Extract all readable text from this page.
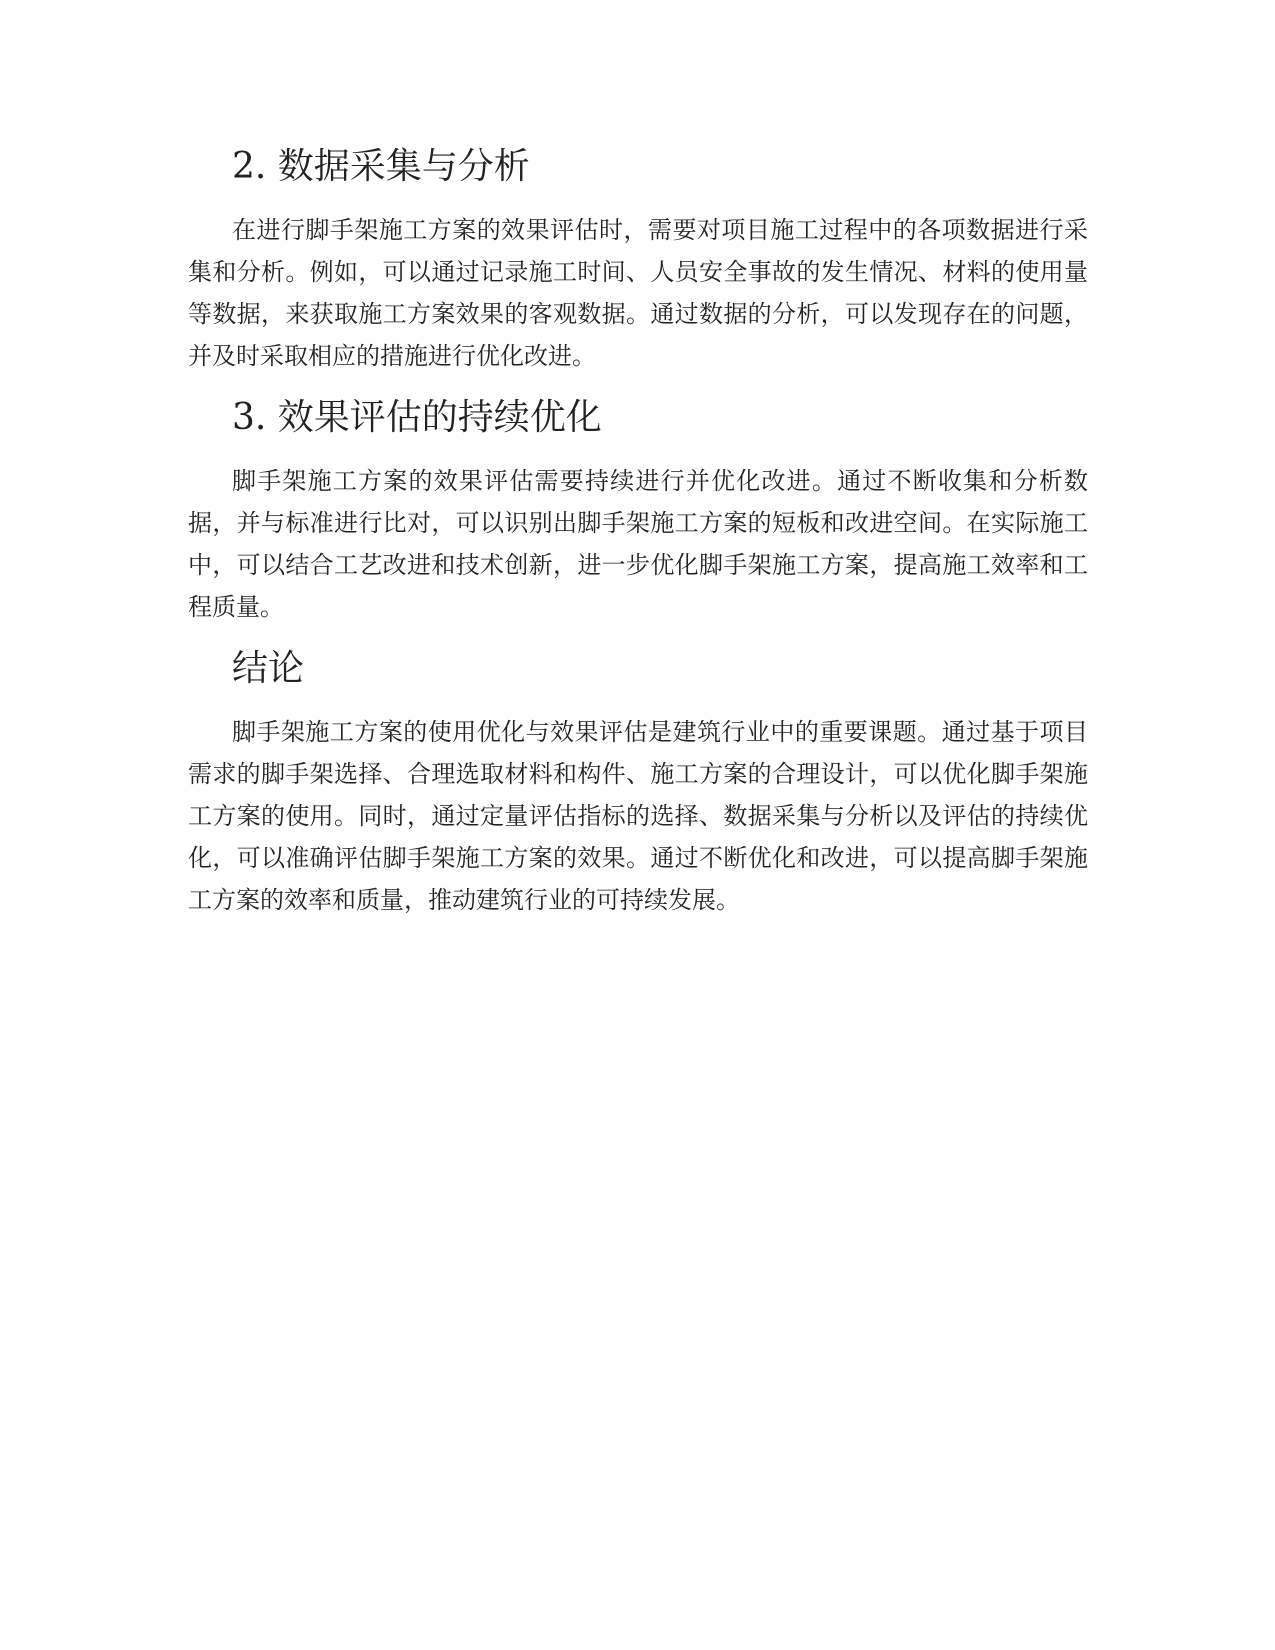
2. 数据采集与分析

在进行脚手架施工方案的效果评估时，需要对项目施工过程中的各项数据进行采集和分析。例如，可以通过记录施工时间、人员安全事故的发生情况、材料的使用量等数据，来获取施工方案效果的客观数据。通过数据的分析，可以发现存在的问题，并及时采取相应的措施进行优化改进。

3. 效果评估的持续优化

脚手架施工方案的效果评估需要持续进行并优化改进。通过不断收集和分析数据，并与标准进行比对，可以识别出脚手架施工方案的短板和改进空间。在实际施工中，可以结合工艺改进和技术创新，进一步优化脚手架施工方案，提高施工效率和工程质量。

结论

脚手架施工方案的使用优化与效果评估是建筑行业中的重要课题。通过基于项目需求的脚手架选择、合理选取材料和构件、施工方案的合理设计，可以优化脚手架施工方案的使用。同时，通过定量评估指标的选择、数据采集与分析以及评估的持续优化，可以准确评估脚手架施工方案的效果。通过不断优化和改进，可以提高脚手架施工方案的效率和质量，推动建筑行业的可持续发展。
